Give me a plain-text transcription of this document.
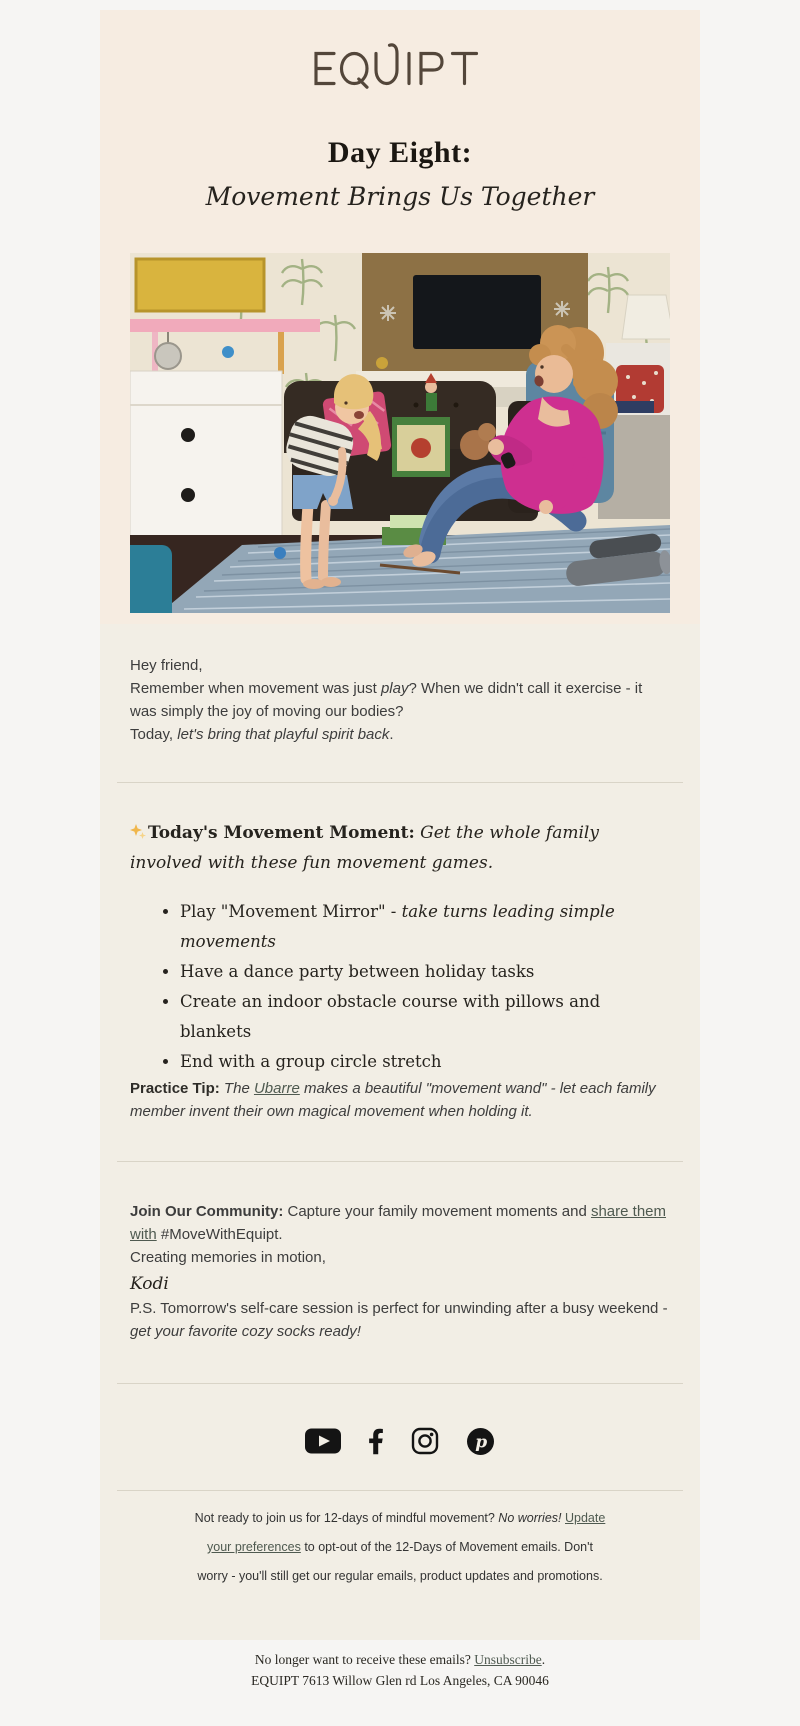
Day Eight:
Movement Brings Us Together

Hey friend,

Remember when movement was just play? When we didn't call it exercise - it was simply the joy of moving our bodies?

Today, let's bring that playful spirit back.

Today's Movement Moment: Get the whole family involved with these fun movement games.

• Play "Movement Mirror" - take turns leading simple movements
• Have a dance party between holiday tasks
• Create an indoor obstacle course with pillows and blankets
• End with a group circle stretch

Practice Tip: The Ubarre makes a beautiful "movement wand" - let each family member invent their own magical movement when holding it.

Join Our Community: Capture your family movement moments and share them with #MoveWithEquipt.

Creating memories in motion,

Kodi

P.S. Tomorrow's self-care session is perfect for unwinding after a busy weekend - get your favorite cozy socks ready!

p

Not ready to join us for 12-days of mindful movement? No worries! Update your preferences to opt-out of the 12-Days of Movement emails. Don't worry - you'll still get our regular emails, product updates and promotions.

No longer want to receive these emails? Unsubscribe.
EQUIPT 7613 Willow Glen rd Los Angeles, CA 90046
